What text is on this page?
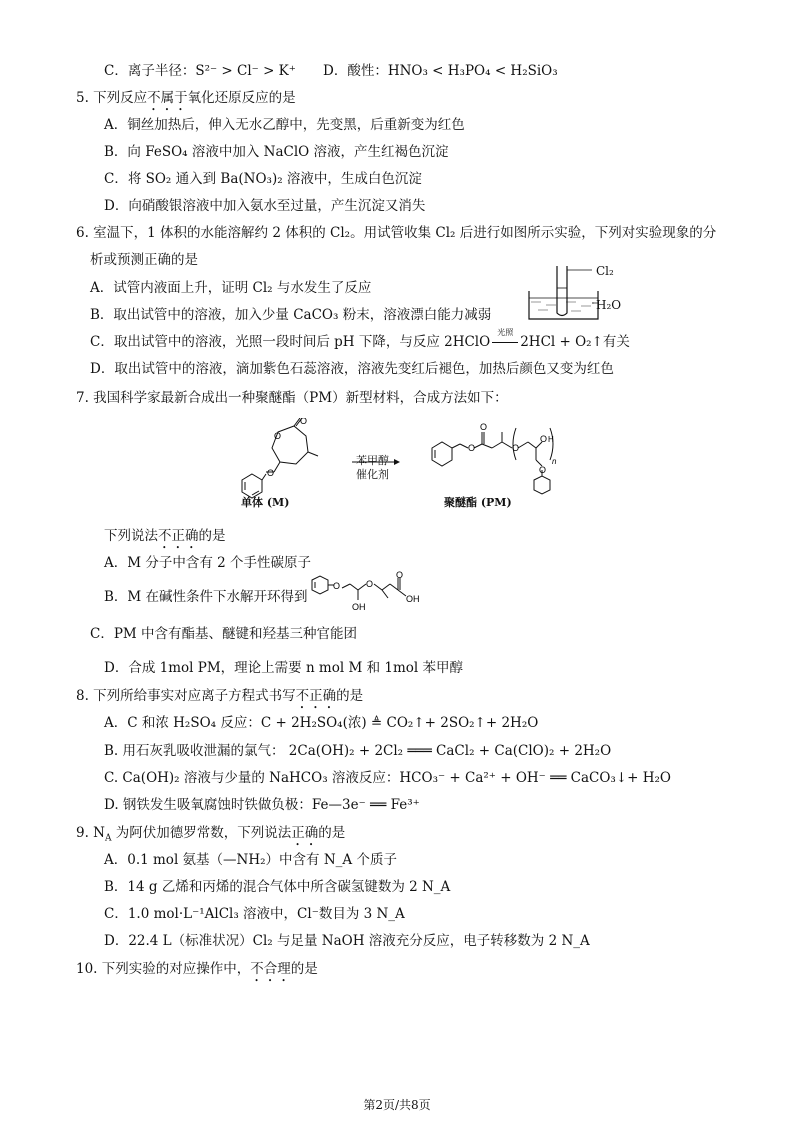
C．离子半径：S²⁻ > Cl⁻ > K⁺ D．酸性：HNO₃ < H₃PO₄ < H₂SiO₃
5. 下列反应不属于氧化还原反应的是
A．铜丝加热后，伸入无水乙醇中，先变黑，后重新变为红色
B．向 FeSO₄ 溶液中加入 NaClO 溶液，产生红褐色沉淀
C．将 SO₂ 通入到 Ba(NO₃)₂ 溶液中，生成白色沉淀
D．向硝酸银溶液中加入氨水至过量，产生沉淀又消失
6. 室温下，1 体积的水能溶解约 2 体积的 Cl₂。用试管收集 Cl₂ 后进行如图所示实验，下列对实验现象的分
析或预测正确的是
A．试管内液面上升，证明 Cl₂ 与水发生了反应
B．取出试管中的溶液，加入少量 CaCO₃ 粉末，溶液漂白能力减弱
C．取出试管中的溶液，光照一段时间后 pH 下降，与反应 2HClO
光照
2HCl + O₂↑有关
D．取出试管中的溶液，滴加紫色石蕊溶液，溶液先变红后褪色，加热后颜色又变为红色
Cl₂
H₂O
7. 我国科学家最新合成出一种聚醚酯（PM）新型材料，合成方法如下：
O
O
O
O
O
O
O H
O
n
苯甲醇
催化剂
单体 (M)	聚醚酯 (PM)
下列说法不正确的是
A．M 分子中含有 2 个手性碳原子
B．M 在碱性条件下水解开环得到
O
OH
O
O
OH
C．PM 中含有酯基、醚键和羟基三种官能团
D．合成 1mol PM，理论上需要 n mol M 和 1mol 苯甲醇
8. 下列所给事实对应离子方程式书写不正确的是
A．C 和浓 H₂SO₄ 反应：C + 2H₂SO₄(浓) ≜ CO₂↑+ 2SO₂↑+ 2H₂O
B. 用石灰乳吸收泄漏的氯气： 2Ca(OH)₂ + 2Cl₂ ═══ CaCl₂ + Ca(ClO)₂ + 2H₂O
C. Ca(OH)₂ 溶液与少量的 NaHCO₃ 溶液反应：HCO₃⁻ + Ca²⁺ + OH⁻ ══ CaCO₃↓+ H₂O
D. 钢铁发生吸氧腐蚀时铁做负极：Fe—3e⁻ ══ Fe³⁺
9. $N_A$ 为阿伏加德罗常数，下列说法正确的是
A．0.1 mol 氨基（—NH₂）中含有 N_A 个质子
B．14 g 乙烯和丙烯的混合气体中所含碳氢键数为 2 N_A
C．1.0 mol·L⁻¹AlCl₃ 溶液中，Cl⁻数目为 3 N_A
D．22.4 L（标准状况）Cl₂ 与足量 NaOH 溶液充分反应，电子转移数为 2 N_A
10. 下列实验的对应操作中，不合理的是
第2页/共8页
